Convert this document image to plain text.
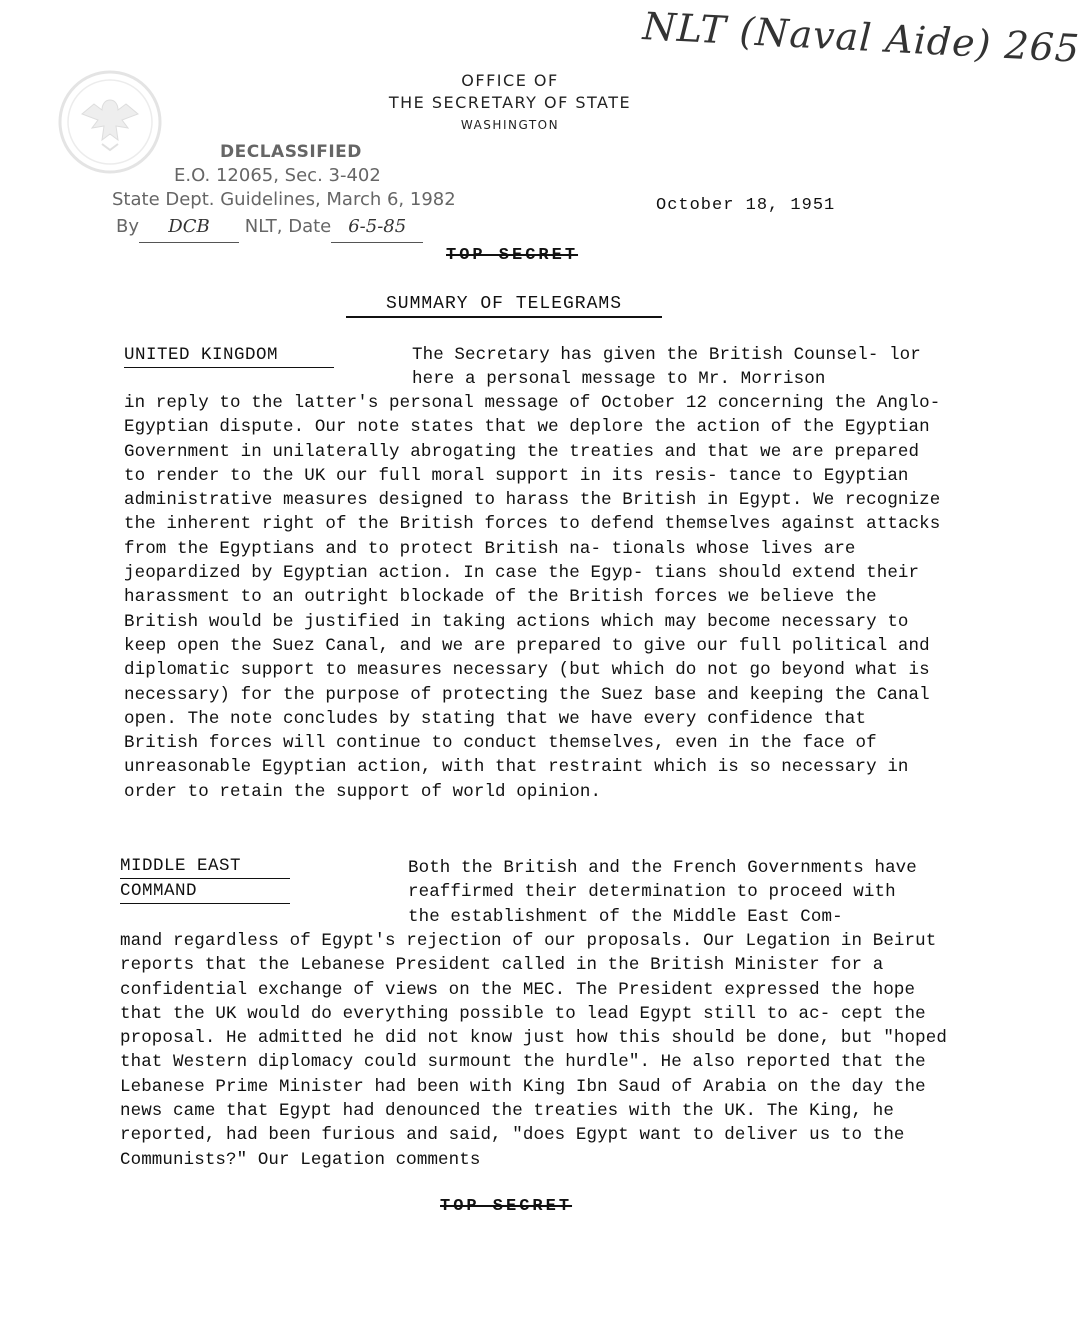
NLT (Naval Aide) 265
OFFICE OF
THE SECRETARY OF STATE
WASHINGTON
DECLASSIFIED
E.O. 12065, Sec. 3-402
State Dept. Guidelines, March 6, 1982
By DCB NLT, Date 6-5-85
October 18, 1951
TOP SECRET
SUMMARY OF TELEGRAMS
UNITED KINGDOM	The Secretary has given the British Counsel- lor here a personal message to Mr. Morrison
in reply to the latter's personal message of October 12 concerning the Anglo-Egyptian dispute. Our note states that we deplore the action of the Egyptian Government in unilaterally abrogating the treaties and that we are prepared to render to the UK our full moral support in its resis- tance to Egyptian administrative measures designed to harass the British in Egypt. We recognize the inherent right of the British forces to defend themselves against attacks from the Egyptians and to protect British na- tionals whose lives are jeopardized by Egyptian action. In case the Egyp- tians should extend their harassment to an outright blockade of the British forces we believe the British would be justified in taking actions which may become necessary to keep open the Suez Canal, and we are prepared to give our full political and diplomatic support to measures necessary (but which do not go beyond what is necessary) for the purpose of protecting the Suez base and keeping the Canal open. The note concludes by stating that we have every confidence that British forces will continue to conduct themselves, even in the face of unreasonable Egyptian action, with that restraint which is so necessary in order to retain the support of world opinion.
MIDDLE EAST
COMMAND
Both the British and the French Governments have reaffirmed their determination to proceed with the establishment of the Middle East Com-
mand regardless of Egypt's rejection of our proposals. Our Legation in Beirut reports that the Lebanese President called in the British Minister for a confidential exchange of views on the MEC. The President expressed the hope that the UK would do everything possible to lead Egypt still to ac- cept the proposal. He admitted he did not know just how this should be done, but "hoped that Western diplomacy could surmount the hurdle". He also reported that the Lebanese Prime Minister had been with King Ibn Saud of Arabia on the day the news came that Egypt had denounced the treaties with the UK. The King, he reported, had been furious and said, "does Egypt want to deliver us to the Communists?" Our Legation comments
TOP SECRET
